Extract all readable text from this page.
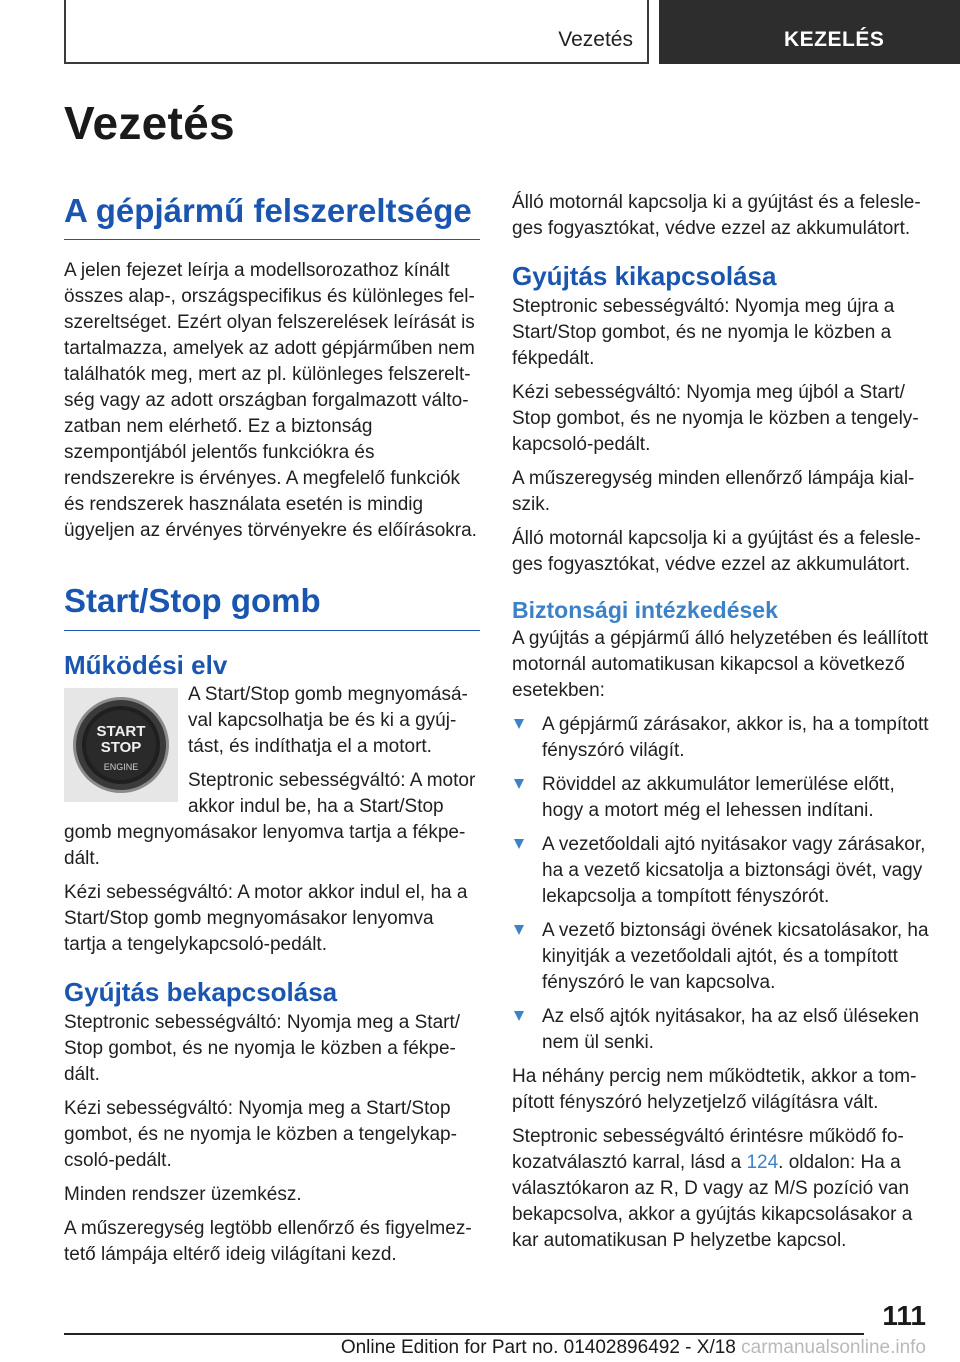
Vezetés	KEZELÉS
Vezetés
A gépjármű felszereltsége

A jelen fejezet leírja a modellsorozathoz kínált összes alap-, országspecifikus és különleges felszereltséget. Ezért olyan felszerelések leírását is tartalmazza, amelyek az adott gépjárműben nem találhatók meg, mert az pl. különleges felszereltség vagy az adott országban forgalmazott változatban nem elérhető. Ez a biztonság szempontjából jelentős funkciókra és rendszerekre is érvényes. A megfelelő funkciók és rendszerek használata esetén is mindig ügyeljen az érvényes törvényekre és előírásokra.

Start/Stop gomb
Működési elv
START
STOP
ENGINE

A Start/Stop gomb megnyomásával kapcsolhatja be és ki a gyújtást, és indíthatja el a motort.

Steptronic sebességváltó: A motor akkor indul be, ha a Start/Stop gomb megnyomásakor lenyomva tartja a fékpedált.

Kézi sebességváltó: A motor akkor indul el, ha a Start/Stop gomb megnyomásakor lenyomva tartja a tengelykapcsoló-pedált.

Gyújtás bekapcsolása

Steptronic sebességváltó: Nyomja meg a Start/ Stop gombot, és ne nyomja le közben a fékpedált.

Kézi sebességváltó: Nyomja meg a Start/Stop gombot, és ne nyomja le közben a tengelykapcsoló-pedált.

Minden rendszer üzemkész.

A műszeregység legtöbb ellenőrző és figyelmeztető lámpája eltérő ideig világítani kezd.

Álló motornál kapcsolja ki a gyújtást és a felesleges fogyasztókat, védve ezzel az akkumulátort.

Gyújtás kikapcsolása

Steptronic sebességváltó: Nyomja meg újra a Start/Stop gombot, és ne nyomja le közben a fékpedált.

Kézi sebességváltó: Nyomja meg újból a Start/ Stop gombot, és ne nyomja le közben a tengelykapcsoló-pedált.

A műszeregység minden ellenőrző lámpája kialszik.

Álló motornál kapcsolja ki a gyújtást és a felesleges fogyasztókat, védve ezzel az akkumulátort.

Biztonsági intézkedések

A gyújtás a gépjármű álló helyzetében és leállított motornál automatikusan kikapcsol a következő esetekben:

A gépjármű zárásakor, akkor is, ha a tompított fényszóró világít.

Röviddel az akkumulátor lemerülése előtt, hogy a motort még el lehessen indítani.

A vezetőoldali ajtó nyitásakor vagy zárásakor, ha a vezető kicsatolja a biztonsági övét, vagy lekapcsolja a tompított fényszórót.

A vezető biztonsági övének kicsatolásakor, ha kinyitják a vezetőoldali ajtót, és a tompított fényszóró le van kapcsolva.

Az első ajtók nyitásakor, ha az első üléseken nem ül senki.

Ha néhány percig nem működtetik, akkor a tompított fényszóró helyzetjelző világításra vált.

Steptronic sebességváltó érintésre működő fokozatválasztó karral, lásd a 124. oldalon: Ha a választókaron az R, D vagy az M/S pozíció van bekapcsolva, akkor a gyújtás kikapcsolásakor a kar automatikusan P helyzetbe kapcsol.

111
Online Edition for Part no. 01402896492 - X/18 carmanualsonline.info
